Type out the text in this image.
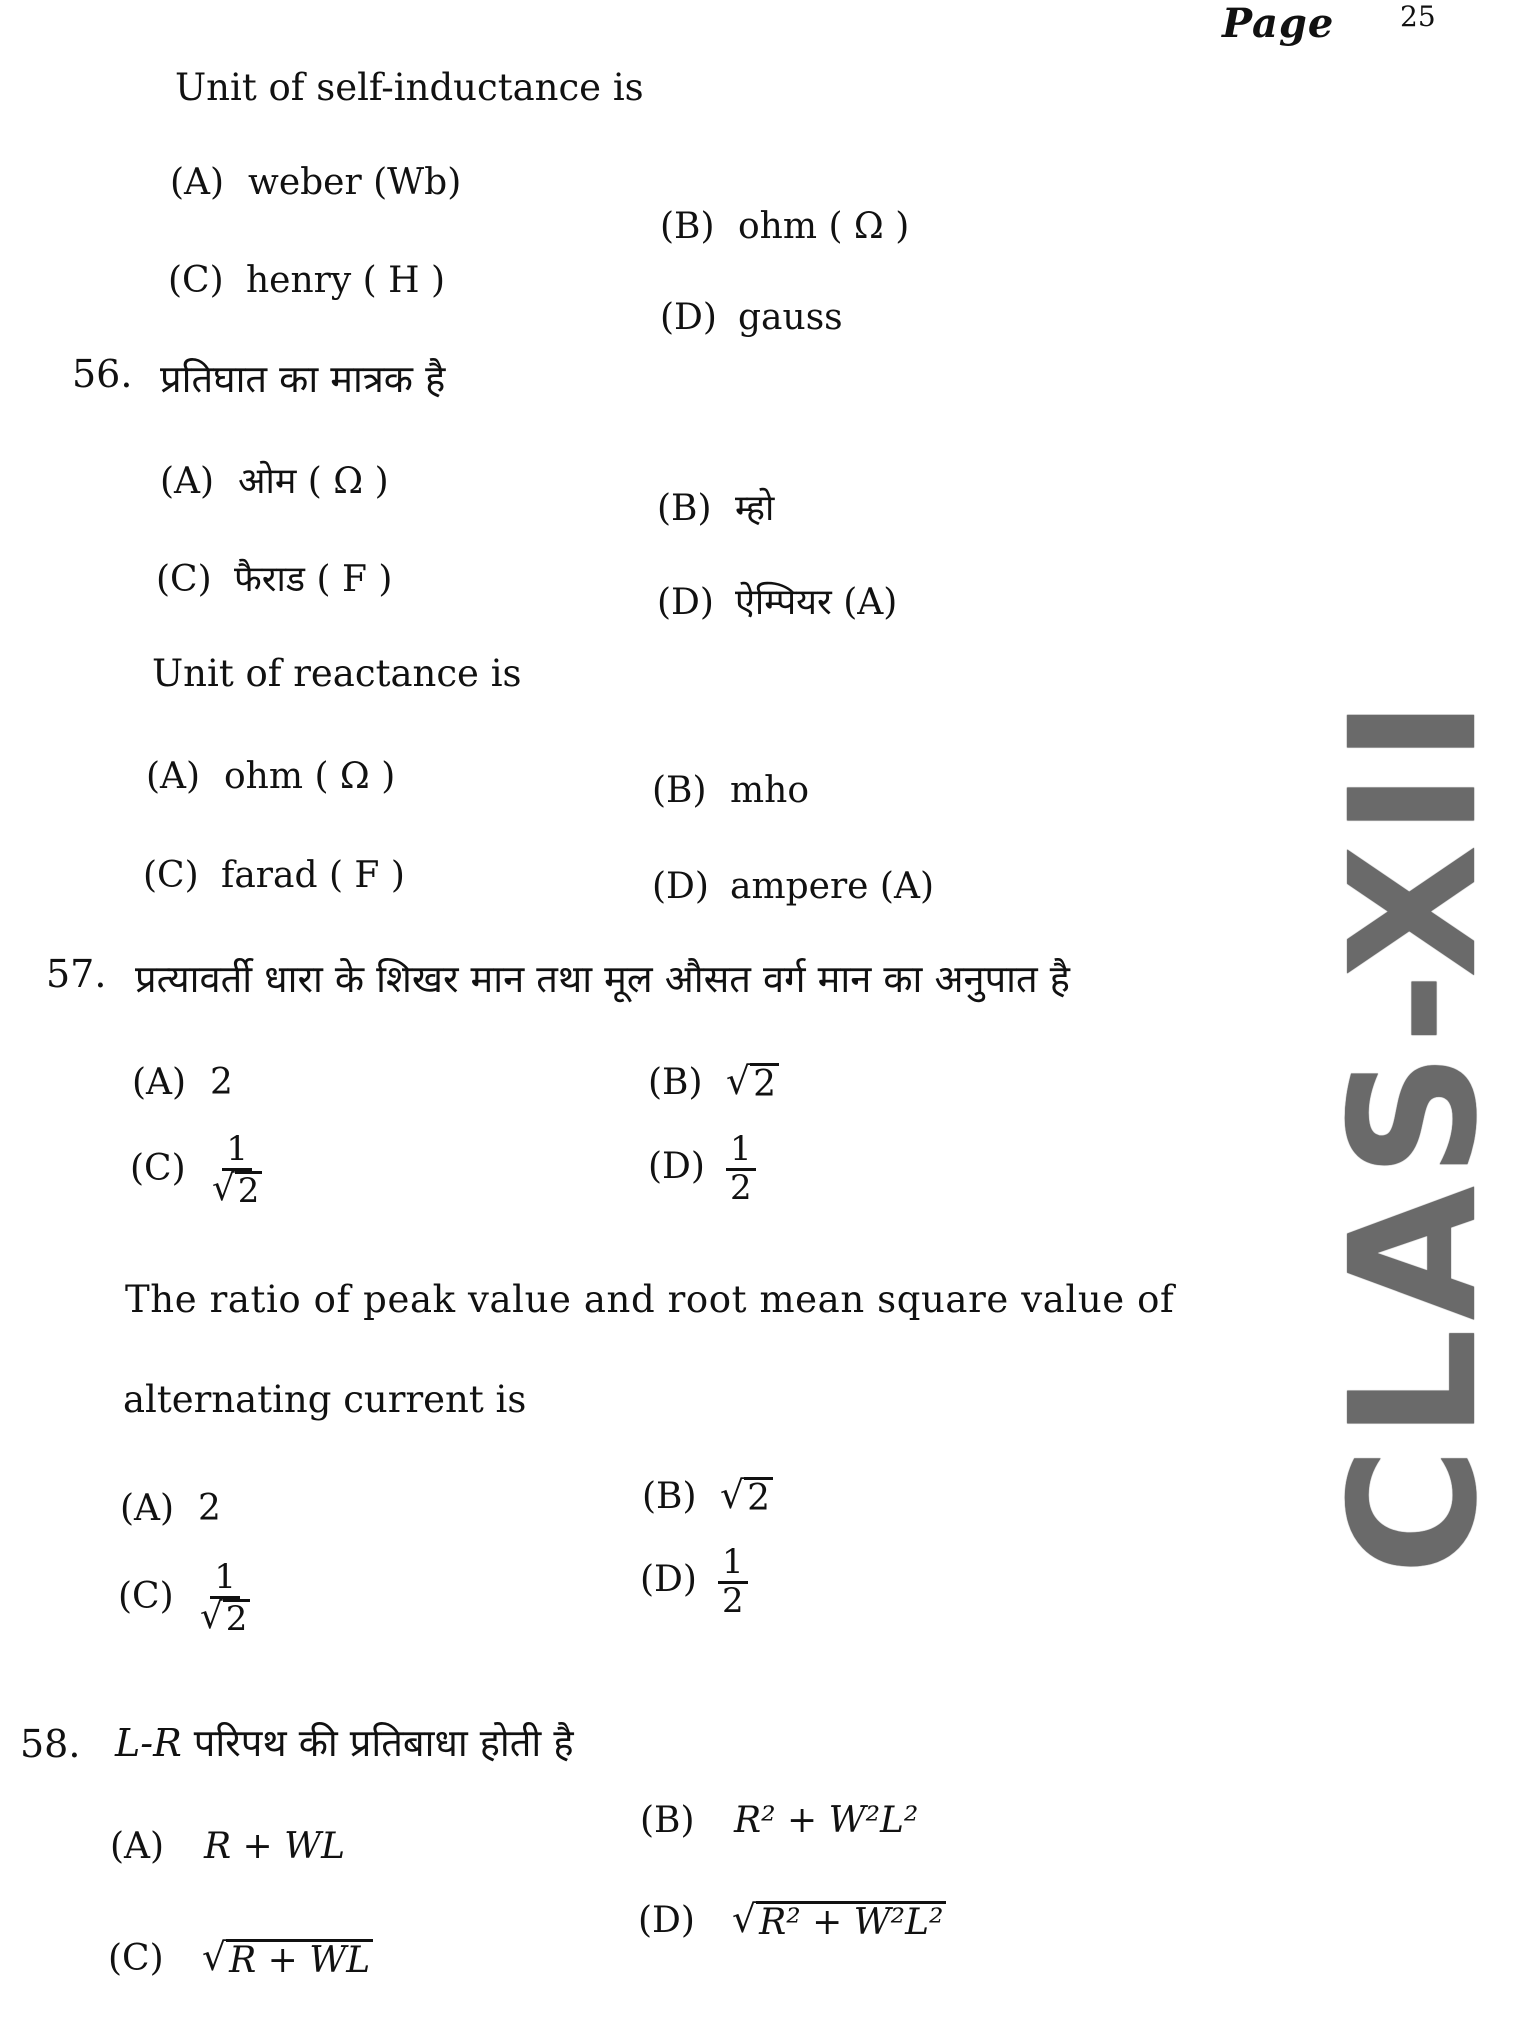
Page 25
CLAS-XII
Unit of self-inductance is
(A) weber (Wb)
(B) ohm ( Ω )
(C) henry ( H )
(D) gauss
56. प्रतिघात का मात्रक है
(A) ओम ( Ω )
(B) म्हो
(C) फैराड ( F )
(D) ऐम्पियर (A)
Unit of reactance is
(A) ohm ( Ω )	(B) mho
(C) farad ( F )	(D) ampere (A)
57. प्रत्यावर्ती धारा के शिखर मान तथा मूल औसत वर्ग मान का अनुपात है
(A) 2	(B) √ 2
$(C) \frac{1}{√ 2}$	$(D) \frac{1}{2}$
The ratio of peak value and root mean square value of
alternating current is
(A) 2	(B) √ 2
$(C) \frac{1}{√ 2}$	$(D) \frac{1}{2}$
58. L-R परिपथ की प्रतिबाधा होती है
(A) R + WL
(B) R² + W²L²
(C) √ R + WL
(D) √ R² + W²L²
